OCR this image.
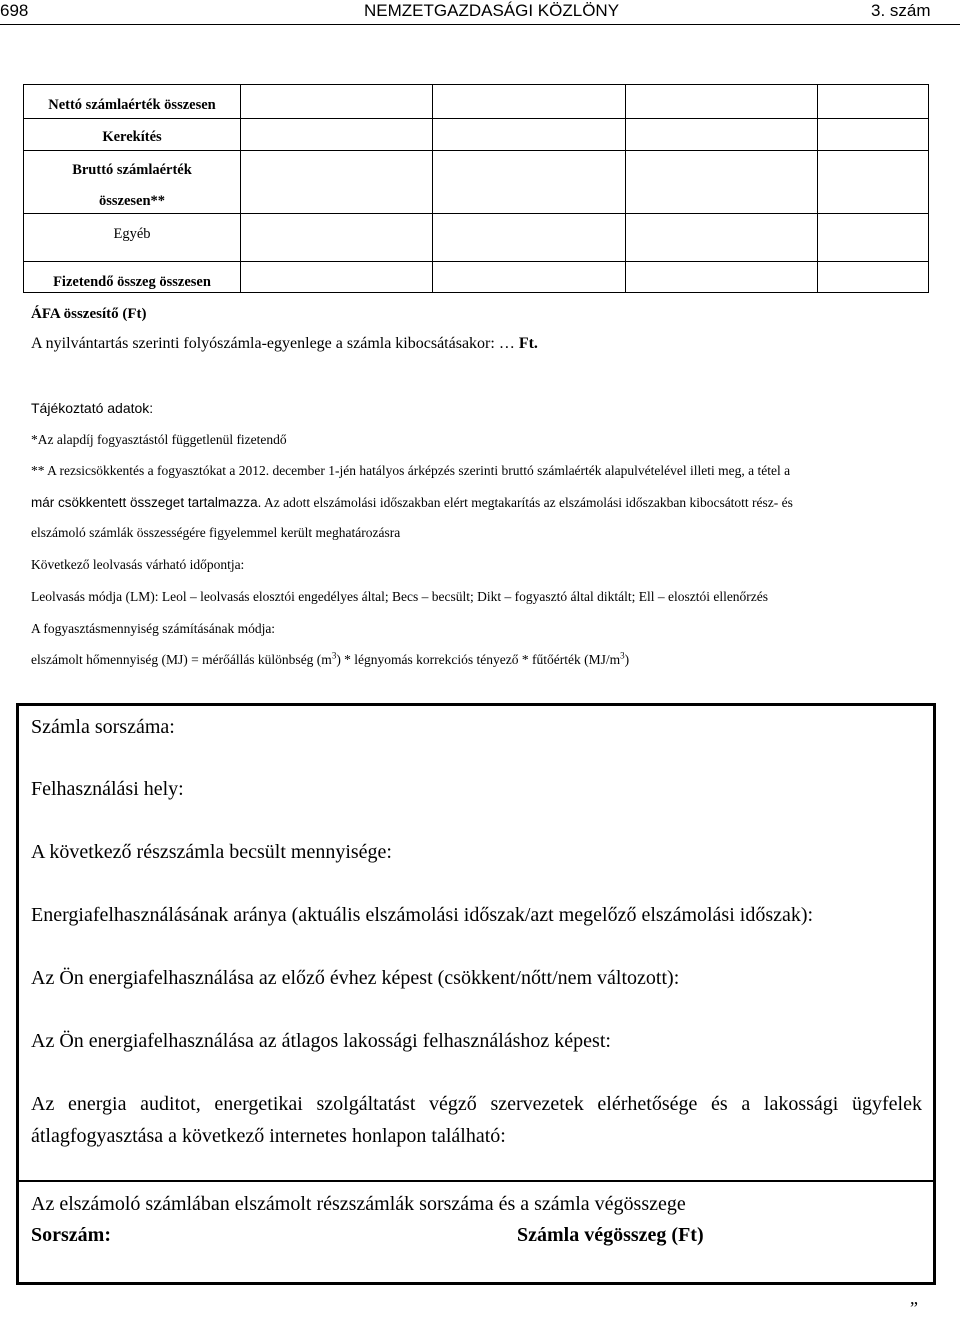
698	NEMZETGAZDASÁGI KÖZLÖNY	3. szám
Nettó számlaérték összesen
Kerekítés
Bruttó számlaérték
összesen**
Egyéb
Fizetendő összeg összesen
ÁFA összesítő (Ft)
A nyilvántartás szerinti folyószámla-egyenlege a számla kibocsátásakor: … Ft.
Tájékoztató adatok:
*Az alapdíj fogyasztástól függetlenül fizetendő
** A rezsicsökkentés a fogyasztókat a 2012. december 1-jén hatályos árképzés szerinti bruttó számlaérték alapulvételével illeti meg, a tétel a
már csökkentett összeget tartalmazza. Az adott elszámolási időszakban elért megtakarítás az elszámolási időszakban kibocsátott rész- és
elszámoló számlák összességére figyelemmel került meghatározásra
Következő leolvasás várható időpontja:
Leolvasás módja (LM): Leol – leolvasás elosztói engedélyes által; Becs – becsült; Dikt – fogyasztó által diktált; Ell – elosztói ellenőrzés
A fogyasztásmennyiség számításának módja:
elszámolt hőmennyiség (MJ) = mérőállás különbség $(m^3)$ * légnyomás korrekciós tényező * fűtőérték $(MJ/m^3)$
Számla sorszáma:
Felhasználási hely:
A következő részszámla becsült mennyisége:
Energiafelhasználásának aránya (aktuális elszámolási időszak/azt megelőző elszámolási időszak):
Az Ön energiafelhasználása az előző évhez képest (csökkent/nőtt/nem változott):
Az Ön energiafelhasználása az átlagos lakossági felhasználáshoz képest:
Az energia auditot, energetikai szolgáltatást végző szervezetek elérhetősége és a lakossági ügyfelek
átlagfogyasztása a következő internetes honlapon található:
Az elszámoló számlában elszámolt részszámlák sorszáma és a számla végösszege
Sorszám:	Számla végösszeg (Ft)
”
